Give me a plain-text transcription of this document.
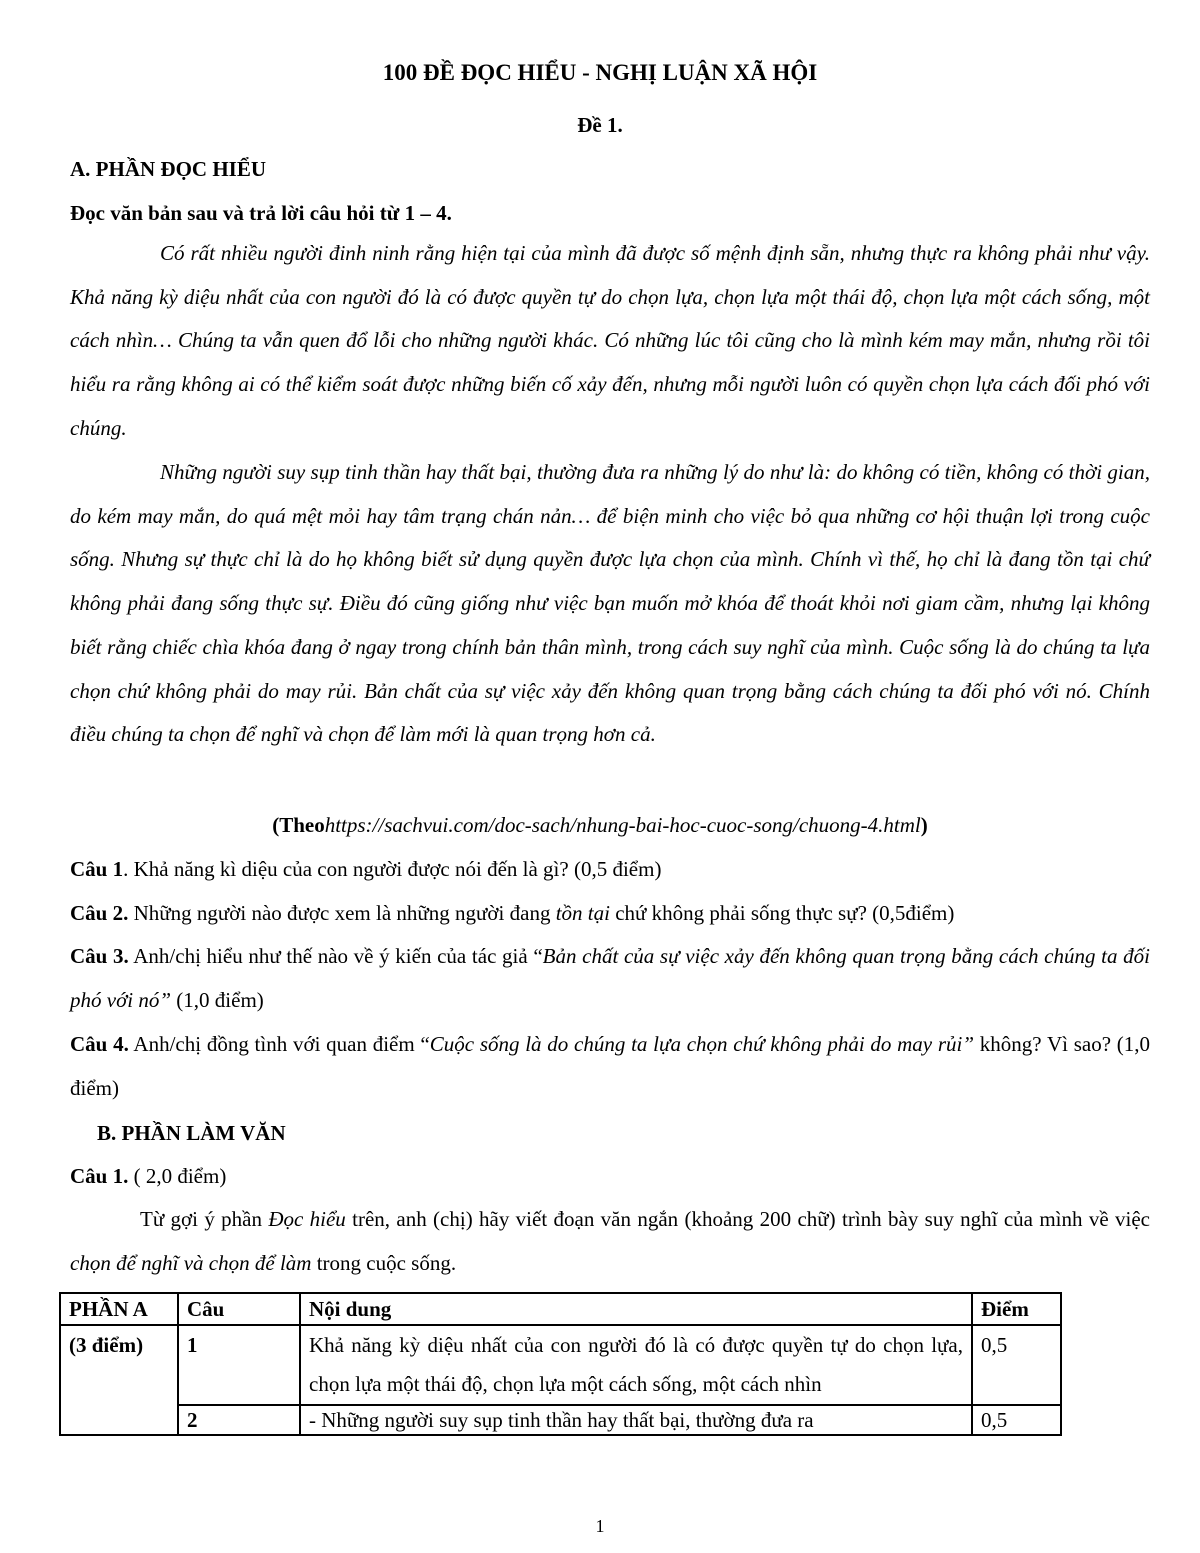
100 ĐỀ ĐỌC HIỂU - NGHỊ LUẬN XÃ HỘI
Đề 1.
A. PHẦN ĐỌC HIỂU
Đọc văn bản sau và trả lời câu hỏi từ 1 – 4.
Có rất nhiều người đinh ninh rằng hiện tại của mình đã được số mệnh định sẵn, nhưng thực ra không phải như vậy. Khả năng kỳ diệu nhất của con người đó là có được quyền tự do chọn lựa, chọn lựa một thái độ, chọn lựa một cách sống, một cách nhìn… Chúng ta vẫn quen đổ lỗi cho những người khác. Có những lúc tôi cũng cho là mình kém may mắn, nhưng rồi tôi hiểu ra rằng không ai có thể kiểm soát được những biến cố xảy đến, nhưng mỗi người luôn có quyền chọn lựa cách đối phó với chúng.
Những người suy sụp tinh thần hay thất bại, thường đưa ra những lý do như là: do không có tiền, không có thời gian, do kém may mắn, do quá mệt mỏi hay tâm trạng chán nản… để biện minh cho việc bỏ qua những cơ hội thuận lợi trong cuộc sống. Nhưng sự thực chỉ là do họ không biết sử dụng quyền được lựa chọn của mình. Chính vì thế, họ chỉ là đang tồn tại chứ không phải đang sống thực sự. Điều đó cũng giống như việc bạn muốn mở khóa để thoát khỏi nơi giam cầm, nhưng lại không biết rằng chiếc chìa khóa đang ở ngay trong chính bản thân mình, trong cách suy nghĩ của mình. Cuộc sống là do chúng ta lựa chọn chứ không phải do may rủi. Bản chất của sự việc xảy đến không quan trọng bằng cách chúng ta đối phó với nó. Chính điều chúng ta chọn để nghĩ và chọn để làm mới là quan trọng hơn cả.
(Theohttps://sachvui.com/doc-sach/nhung-bai-hoc-cuoc-song/chuong-4.html)
Câu 1. Khả năng kì diệu của con người được nói đến là gì? (0,5 điểm)
Câu 2. Những người nào được xem là những người đang tồn tại chứ không phải sống thực sự? (0,5điểm)
Câu 3. Anh/chị hiểu như thế nào về ý kiến của tác giả “Bản chất của sự việc xảy đến không quan trọng bằng cách chúng ta đối phó với nó” (1,0 điểm)
Câu 4. Anh/chị đồng tình với quan điểm “Cuộc sống là do chúng ta lựa chọn chứ không phải do may rủi” không? Vì sao? (1,0 điểm)
B. PHẦN LÀM VĂN
Câu 1. ( 2,0 điểm)
Từ gợi ý phần Đọc hiểu trên, anh (chị) hãy viết đoạn văn ngắn (khoảng 200 chữ) trình bày suy nghĩ của mình về việc chọn để nghĩ và chọn để làm trong cuộc sống.
PHẦN A	Câu	Nội dung	Điểm
(3 điểm)	1	Khả năng kỳ diệu nhất của con người đó là có được quyền tự do chọn lựa, chọn lựa một thái độ, chọn lựa một cách sống, một cách nhìn	0,5
	2	- Những người suy sụp tinh thần hay thất bại, thường đưa ra	0,5
1
